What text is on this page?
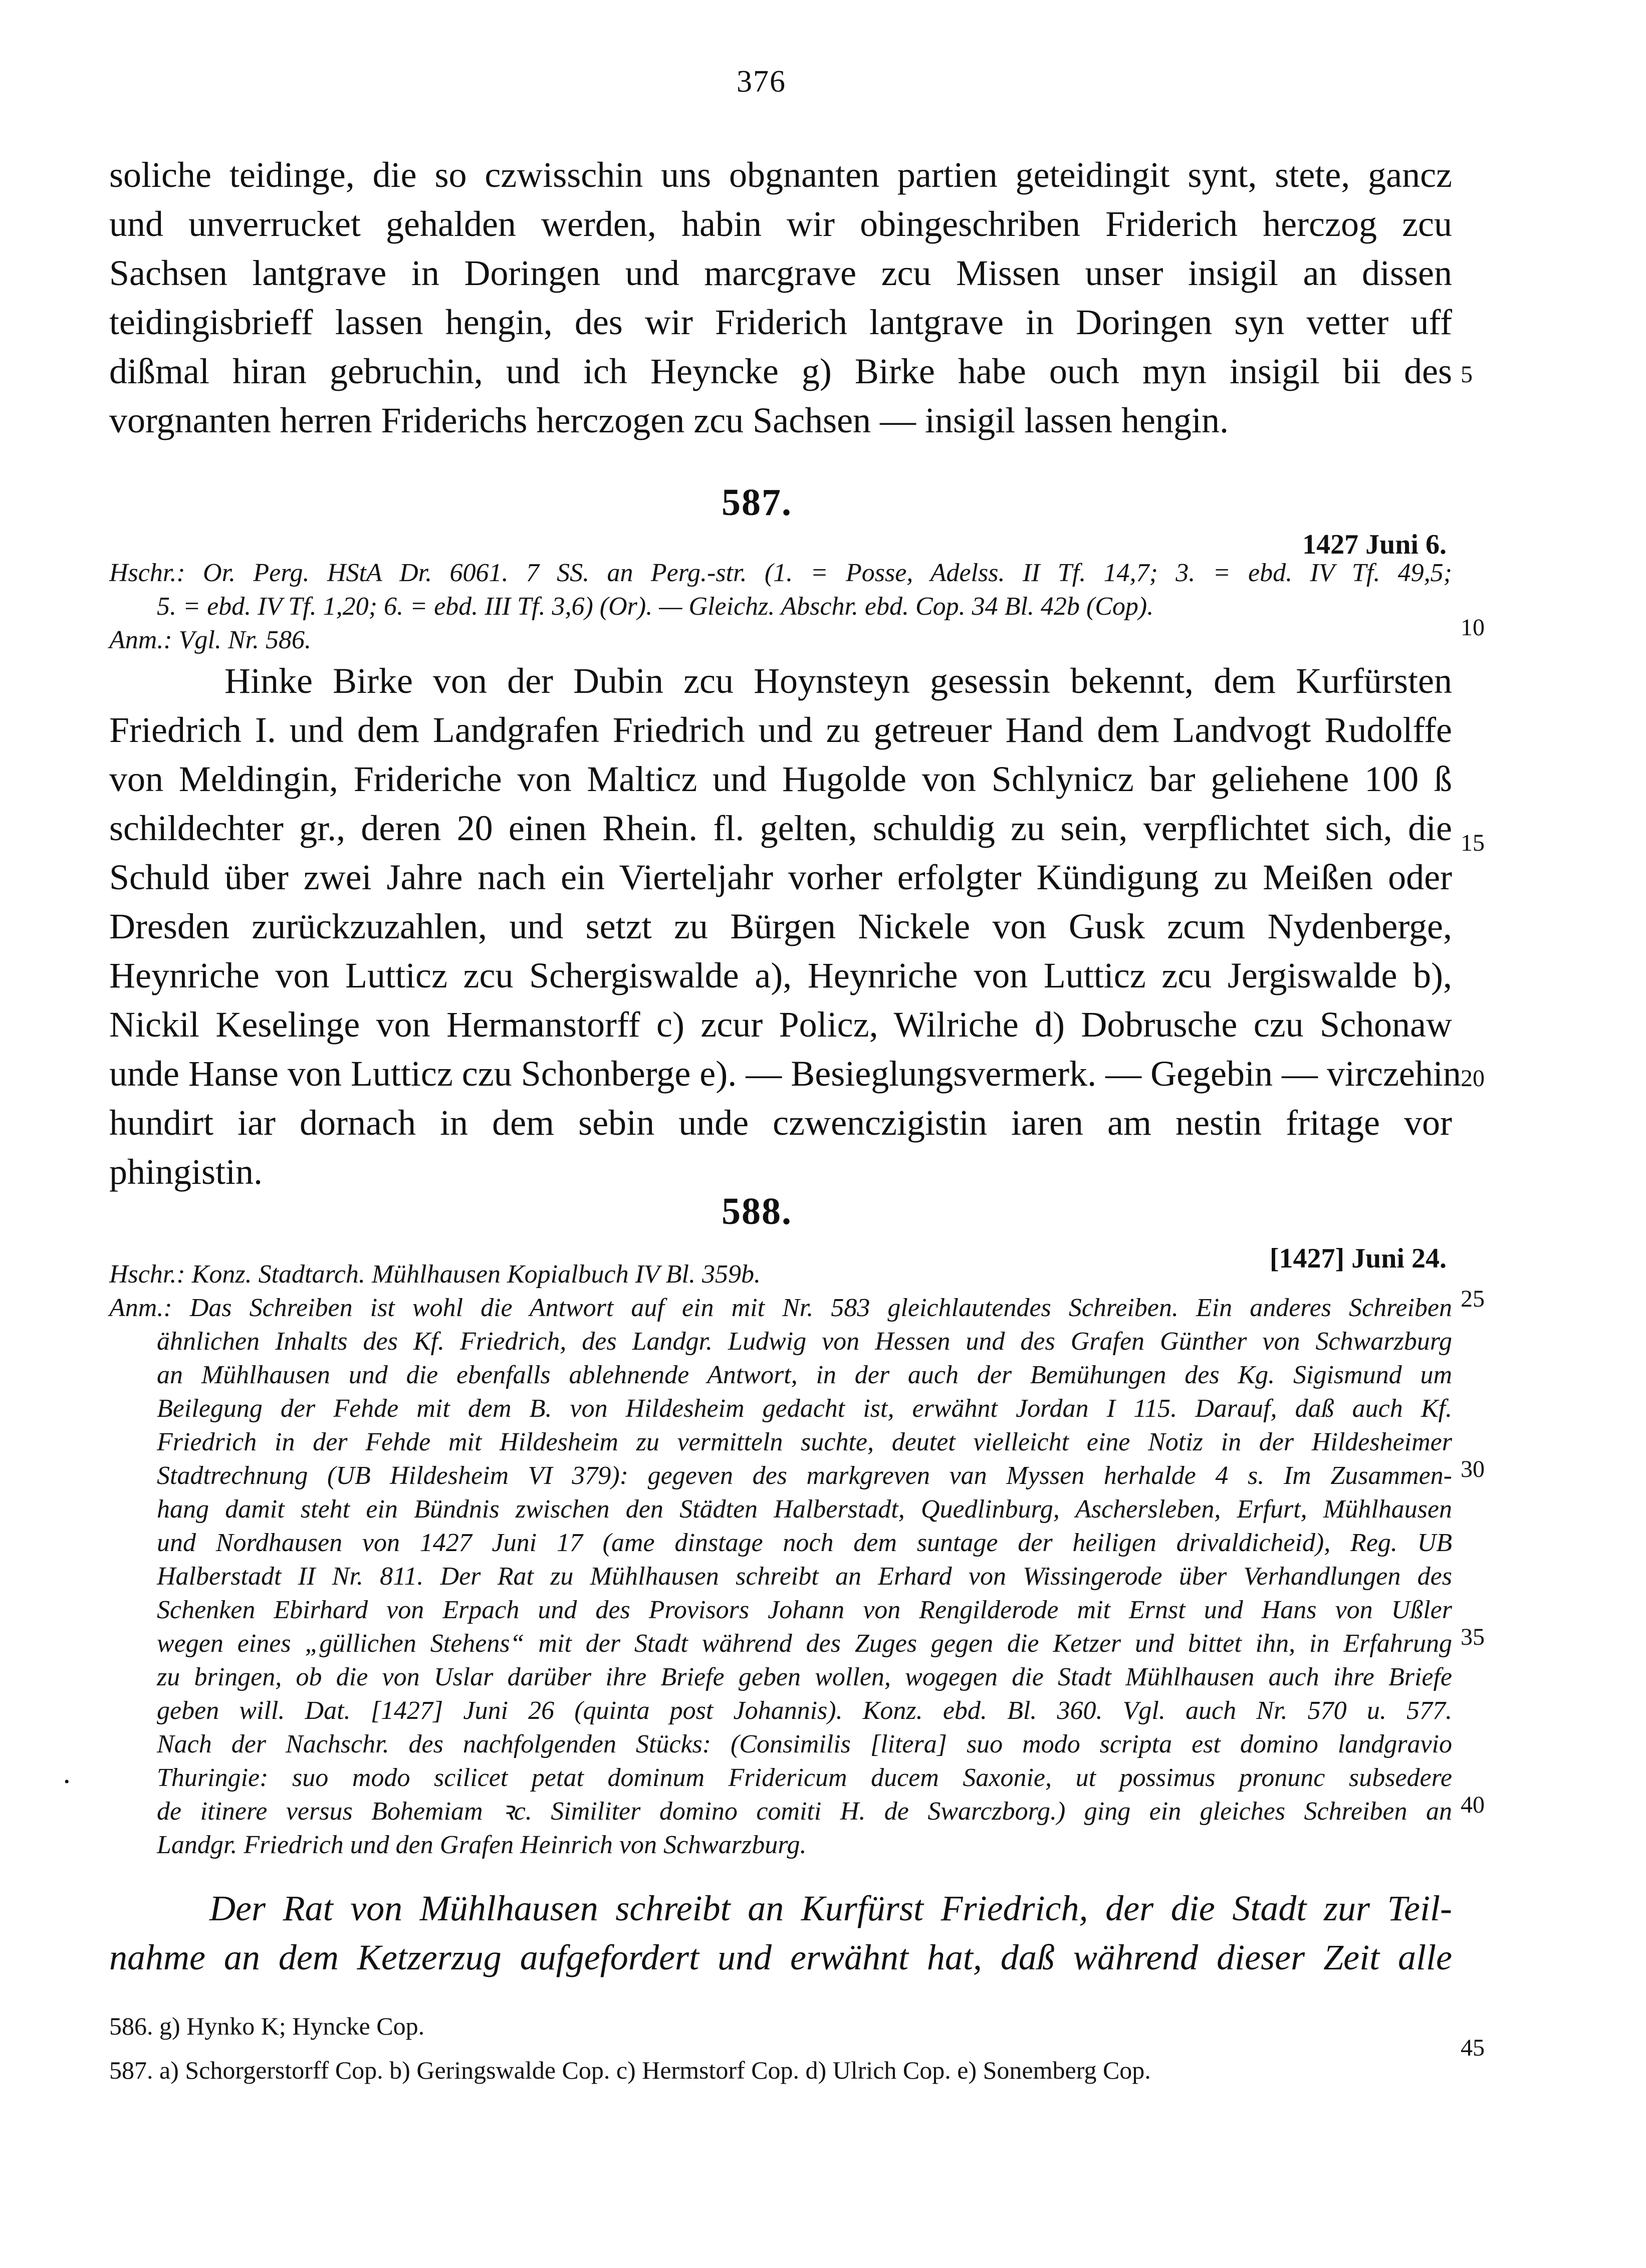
376
soliche teidinge, die so czwisschin uns obgnanten partien geteidingit synt, stete, gancz
und unverrucket gehalden werden, habin wir obingeschriben Friderich herczog zcu
Sachsen lantgrave in Doringen und marcgrave zcu Missen unser insigil an dissen
teidingisbrieff lassen hengin, des wir Friderich lantgrave in Doringen syn vetter uff
dißmal hiran gebruchin, und ich Heyncke g) Birke habe ouch myn insigil bii des
vorgnanten herren Friderichs herczogen zcu Sachsen — insigil lassen hengin.
587.
1427 Juni 6.
Hschr.: Or. Perg. HStA Dr. 6061. 7 SS. an Perg.-str. (1. = Posse, Adelss. II Tf. 14,7; 3. = ebd. IV Tf. 49,5;
5. = ebd. IV Tf. 1,20; 6. = ebd. III Tf. 3,6) (Or). — Gleichz. Abschr. ebd. Cop. 34 Bl. 42b (Cop).
Anm.: Vgl. Nr. 586.
Hinke Birke von der Dubin zcu Hoynsteyn gesessin bekennt, dem Kurfürsten
Friedrich I. und dem Landgrafen Friedrich und zu getreuer Hand dem Landvogt Rudolffe
von Meldingin, Frideriche von Malticz und Hugolde von Schlynicz bar geliehene 100 ß
schildechter gr., deren 20 einen Rhein. fl. gelten, schuldig zu sein, verpflichtet sich, die
Schuld über zwei Jahre nach ein Vierteljahr vorher erfolgter Kündigung zu Meißen oder
Dresden zurückzuzahlen, und setzt zu Bürgen Nickele von Gusk zcum Nydenberge,
Heynriche von Lutticz zcu Schergiswalde a), Heynriche von Lutticz zcu Jergiswalde b),
Nickil Keselinge von Hermanstorff c) zcur Policz, Wilriche d) Dobrusche czu Schonaw
unde Hanse von Lutticz czu Schonberge e). — Besieglungsvermerk. — Gegebin — virczehin
hundirt iar dornach in dem sebin unde czwenczigistin iaren am nestin fritage vor
phingistin.
588.
[1427] Juni 24.
Hschr.: Konz. Stadtarch. Mühlhausen Kopialbuch IV Bl. 359b.
Anm.: Das Schreiben ist wohl die Antwort auf ein mit Nr. 583 gleichlautendes Schreiben. Ein anderes Schreiben
ähnlichen Inhalts des Kf. Friedrich, des Landgr. Ludwig von Hessen und des Grafen Günther von Schwarzburg
an Mühlhausen und die ebenfalls ablehnende Antwort, in der auch der Bemühungen des Kg. Sigismund um
Beilegung der Fehde mit dem B. von Hildesheim gedacht ist, erwähnt Jordan I 115. Darauf, daß auch Kf.
Friedrich in der Fehde mit Hildesheim zu vermitteln suchte, deutet vielleicht eine Notiz in der Hildesheimer
Stadtrechnung (UB Hildesheim VI 379): gegeven des markgreven van Myssen herhalde 4 s. Im Zusammen-
hang damit steht ein Bündnis zwischen den Städten Halberstadt, Quedlinburg, Aschersleben, Erfurt, Mühlhausen
und Nordhausen von 1427 Juni 17 (ame dinstage noch dem suntage der heiligen drivaldicheid), Reg. UB
Halberstadt II Nr. 811. Der Rat zu Mühlhausen schreibt an Erhard von Wissingerode über Verhandlungen des
Schenken Ebirhard von Erpach und des Provisors Johann von Rengilderode mit Ernst und Hans von Ußler
wegen eines „güllichen Stehens“ mit der Stadt während des Zuges gegen die Ketzer und bittet ihn, in Erfahrung
zu bringen, ob die von Uslar darüber ihre Briefe geben wollen, wogegen die Stadt Mühlhausen auch ihre Briefe
geben will. Dat. [1427] Juni 26 (quinta post Johannis). Konz. ebd. Bl. 360. Vgl. auch Nr. 570 u. 577.
Nach der Nachschr. des nachfolgenden Stücks: (Consimilis [litera] suo modo scripta est domino landgravio
Thuringie: suo modo scilicet petat dominum Fridericum ducem Saxonie, ut possimus pronunc subsedere
de itinere versus Bohemiam ꝛc. Similiter domino comiti H. de Swarczborg.) ging ein gleiches Schreiben an
Landgr. Friedrich und den Grafen Heinrich von Schwarzburg.
Der Rat von Mühlhausen schreibt an Kurfürst Friedrich, der die Stadt zur Teil-
nahme an dem Ketzerzug aufgefordert und erwähnt hat, daß während dieser Zeit alle
•
586. g) Hynko K; Hyncke Cop.
587. a) Schorgerstorff Cop. b) Geringswalde Cop. c) Hermstorf Cop. d) Ulrich Cop. e) Sonemberg Cop.
5
10
15
20
25
30
35
40
45
